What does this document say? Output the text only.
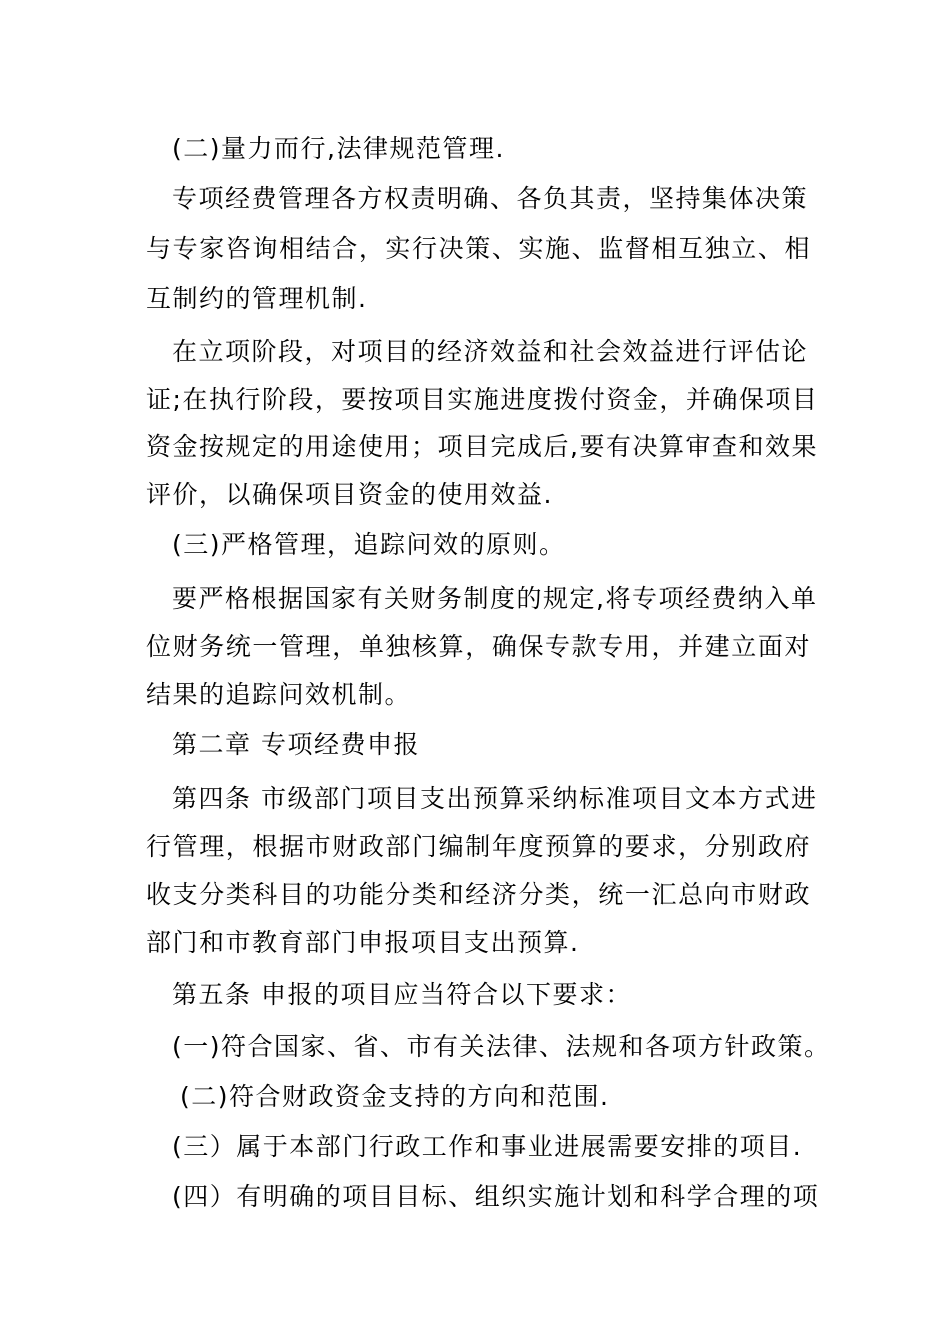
(二)量力而行,法律规范管理.
专项经费管理各方权责明确、各负其责，坚持集体决策
与专家咨询相结合，实行决策、实施、监督相互独立、相
互制约的管理机制.
在立项阶段，对项目的经济效益和社会效益进行评估论
证;在执行阶段，要按项目实施进度拨付资金，并确保项目
资金按规定的用途使用；项目完成后,要有决算审查和效果
评价，以确保项目资金的使用效益.
(三)严格管理，追踪问效的原则。
要严格根据国家有关财务制度的规定,将专项经费纳入单
位财务统一管理，单独核算，确保专款专用，并建立面对
结果的追踪问效机制。
第二章 专项经费申报
第四条 市级部门项目支出预算采纳标准项目文本方式进
行管理，根据市财政部门编制年度预算的要求，分别政府
收支分类科目的功能分类和经济分类，统一汇总向市财政
部门和市教育部门申报项目支出预算.
第五条 申报的项目应当符合以下要求：
(一)符合国家、省、市有关法律、法规和各项方针政策。
(二)符合财政资金支持的方向和范围.
(三）属于本部门行政工作和事业进展需要安排的项目.
(四）有明确的项目目标、组织实施计划和科学合理的项
